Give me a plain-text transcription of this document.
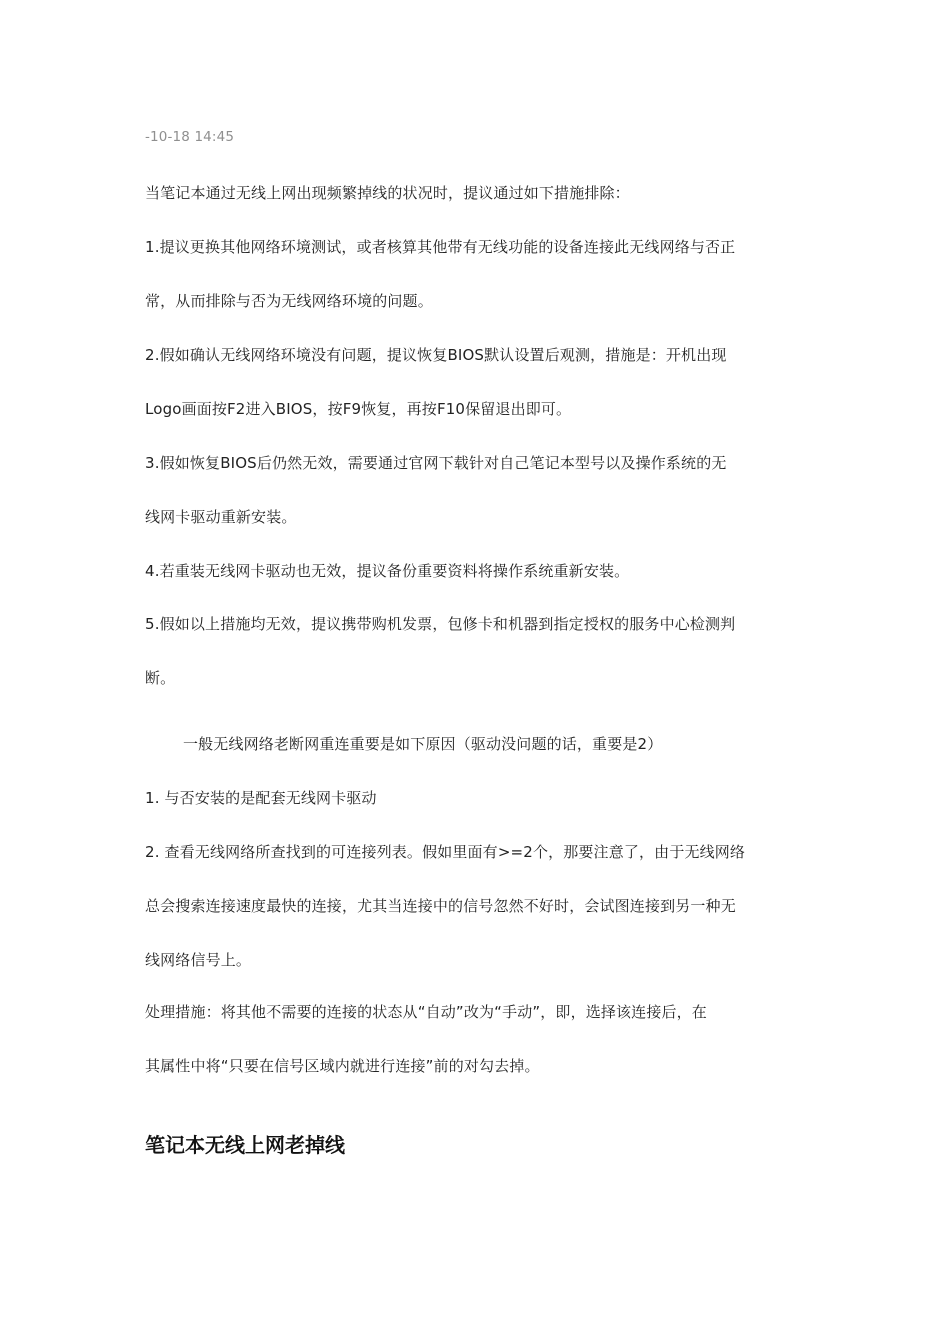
-10-18 14:45
当笔记本通过无线上网出现频繁掉线的状况时，提议通过如下措施排除：
1.提议更换其他网络环境测试，或者核算其他带有无线功能的设备连接此无线网络与否正
常，从而排除与否为无线网络环境的问题。
2.假如确认无线网络环境没有问题，提议恢复BIOS默认设置后观测，措施是：开机出现
Logo画面按F2进入BIOS，按F9恢复，再按F10保留退出即可。
3.假如恢复BIOS后仍然无效，需要通过官网下载针对自己笔记本型号以及操作系统的无
线网卡驱动重新安装。
4.若重装无线网卡驱动也无效，提议备份重要资料将操作系统重新安装。
5.假如以上措施均无效，提议携带购机发票，包修卡和机器到指定授权的服务中心检测判
断。
一般无线网络老断网重连重要是如下原因（驱动没问题的话，重要是2）
1. 与否安装的是配套无线网卡驱动
2. 查看无线网络所查找到的可连接列表。假如里面有>=2个，那要注意了，由于无线网络
总会搜索连接速度最快的连接，尤其当连接中的信号忽然不好时，会试图连接到另一种无
线网络信号上。
处理措施：将其他不需要的连接的状态从“自动”改为“手动”，即，选择该连接后，在
其属性中将“只要在信号区域内就进行连接”前的对勾去掉。
笔记本无线上网老掉线
